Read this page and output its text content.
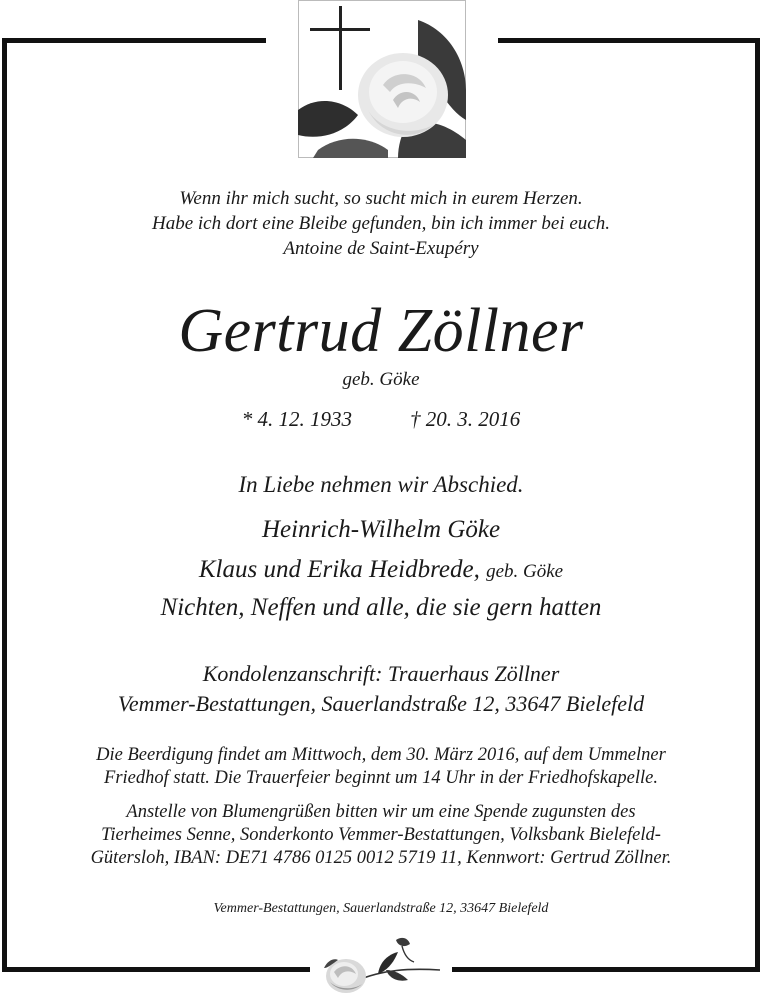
Wenn ihr mich sucht, so sucht mich in eurem Herzen.
Habe ich dort eine Bleibe gefunden, bin ich immer bei euch.
Antoine de Saint-Exupéry
Gertrud Zöllner
geb. Göke
* 4. 12. 1933	† 20. 3. 2016
In Liebe nehmen wir Abschied.
Heinrich-Wilhelm Göke
Klaus und Erika Heidbrede, geb. Göke
Nichten, Neffen und alle, die sie gern hatten
Kondolenzanschrift: Trauerhaus Zöllner
Vemmer-Bestattungen, Sauerlandstraße 12, 33647 Bielefeld
Die Beerdigung findet am Mittwoch, dem 30. März 2016, auf dem Ummelner
Friedhof statt. Die Trauerfeier beginnt um 14 Uhr in der Friedhofskapelle.
Anstelle von Blumengrüßen bitten wir um eine Spende zugunsten des
Tierheimes Senne, Sonderkonto Vemmer-Bestattungen, Volksbank Bielefeld-
Gütersloh, IBAN: DE71 4786 0125 0012 5719 11, Kennwort: Gertrud Zöllner.
Vemmer-Bestattungen, Sauerlandstraße 12, 33647 Bielefeld
